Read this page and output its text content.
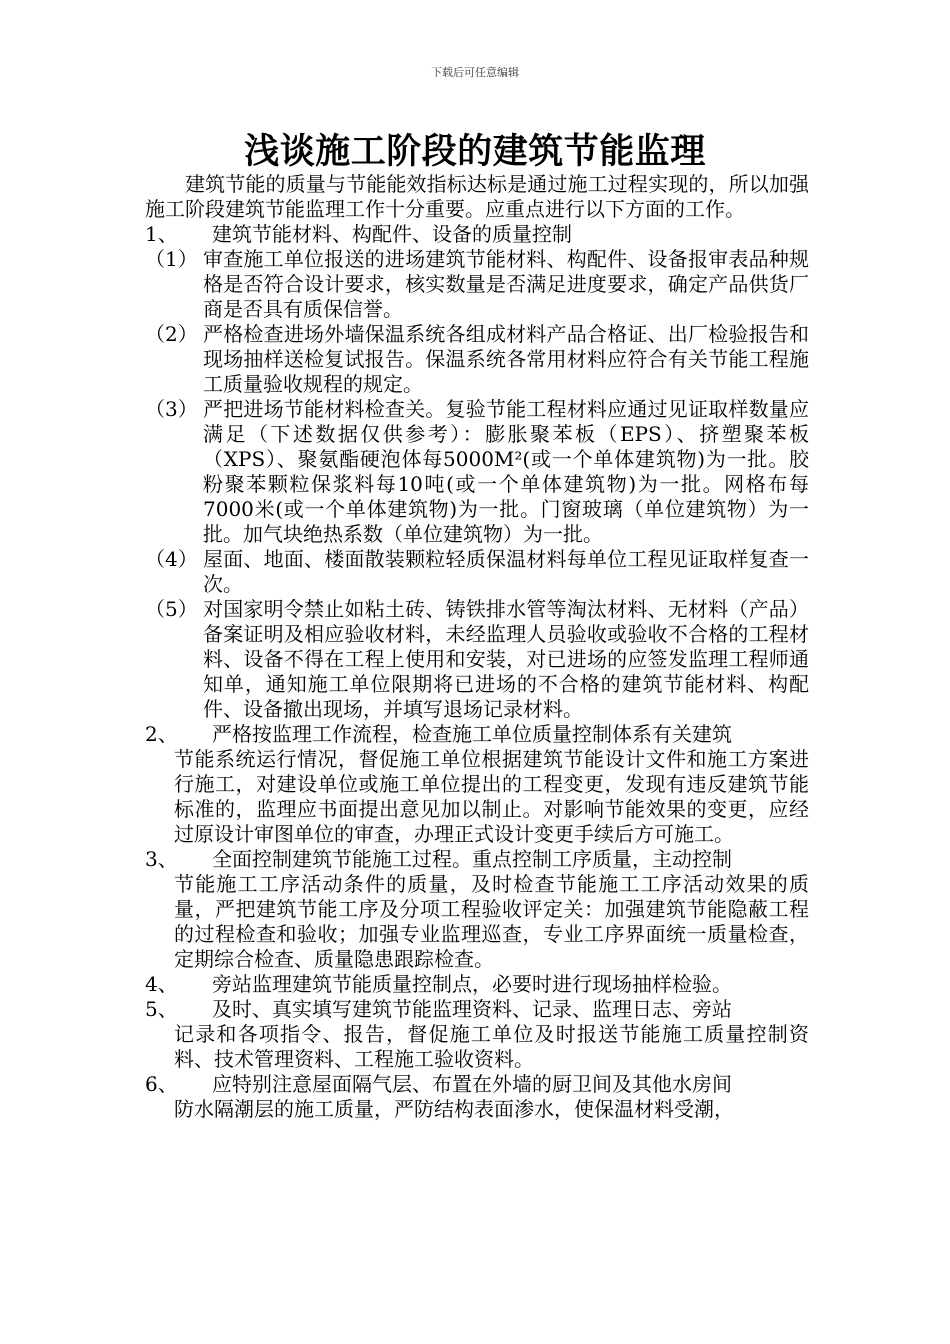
下载后可任意编辑
浅谈施工阶段的建筑节能监理

建筑节能的质量与节能能效指标达标是通过施工过程实现的，所以加强施工阶段建筑节能监理工作十分重要。应重点进行以下方面的工作。

1、	建筑节能材料、构配件、设备的质量控制
（1） 审查施工单位报送的进场建筑节能材料、构配件、设备报审表品种规格是否符合设计要求，核实数量是否满足进度要求，确定产品供货厂商是否具有质保信誉。

（2） 严格检查进场外墙保温系统各组成材料产品合格证、出厂检验报告和现场抽样送检复试报告。保温系统各常用材料应符合有关节能工程施工质量验收规程的规定。

（3） 严把进场节能材料检查关。复验节能工程材料应通过见证取样数量应满足（下述数据仅供参考）：膨胀聚苯板（EPS）、挤塑聚苯板（XPS）、聚氨酯硬泡体每5000M²(或一个单体建筑物)为一批。胶粉聚苯颗粒保浆料每10吨(或一个单体建筑物)为一批。网格布每7000米(或一个单体建筑物)为一批。门窗玻璃（单位建筑物）为一批。加气块绝热系数（单位建筑物）为一批。

（4） 屋面、地面、楼面散装颗粒轻质保温材料每单位工程见证取样复查一次。

（5） 对国家明令禁止如粘土砖、铸铁排水管等淘汰材料、无材料（产品）备案证明及相应验收材料，未经监理人员验收或验收不合格的工程材料、设备不得在工程上使用和安装，对已进场的应签发监理工程师通知单，通知施工单位限期将已进场的不合格的建筑节能材料、构配件、设备撤出现场，并填写退场记录材料。

2、	严格按监理工作流程，检查施工单位质量控制体系有关建筑

节能系统运行情况，督促施工单位根据建筑节能设计文件和施工方案进行施工，对建设单位或施工单位提出的工程变更，发现有违反建筑节能标准的，监理应书面提出意见加以制止。对影响节能效果的变更，应经过原设计审图单位的审查，办理正式设计变更手续后方可施工。

3、	全面控制建筑节能施工过程。重点控制工序质量，主动控制

节能施工工序活动条件的质量，及时检查节能施工工序活动效果的质量，严把建筑节能工序及分项工程验收评定关：加强建筑节能隐蔽工程的过程检查和验收；加强专业监理巡查，专业工序界面统一质量检查，定期综合检查、质量隐患跟踪检查。

4、	旁站监理建筑节能质量控制点，必要时进行现场抽样检验。
5、	及时、真实填写建筑节能监理资料、记录、监理日志、旁站

记录和各项指令、报告，督促施工单位及时报送节能施工质量控制资料、技术管理资料、工程施工验收资料。

6、	应特别注意屋面隔气层、布置在外墙的厨卫间及其他水房间

防水隔潮层的施工质量，严防结构表面渗水，使保温材料受潮，
